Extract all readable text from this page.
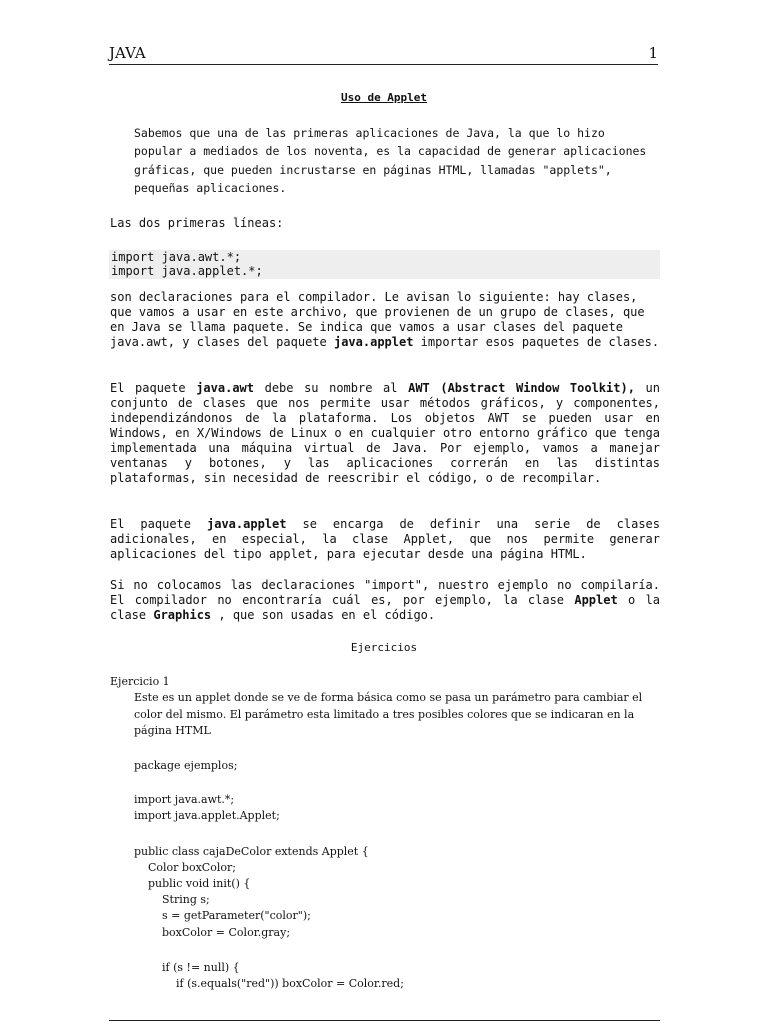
JAVA	1
Uso de Applet

Sabemos que una de las primeras aplicaciones de Java, la que lo hizo popular a mediados de los noventa, es la capacidad de generar aplicaciones gráficas, que pueden incrustarse en páginas HTML, llamadas "applets", pequeñas aplicaciones.

Las dos primeras líneas:

import java.awt.*;
import java.applet.*;

son declaraciones para el compilador. Le avisan lo siguiente: hay clases, que vamos a usar en este archivo, que provienen de un grupo de clases, que en Java se llama paquete. Se indica que vamos a usar clases del paquete java.awt, y clases del paquete java.applet importar esos paquetes de clases.

El paquete java.awt debe su nombre al AWT (Abstract Window Toolkit), un conjunto de clases que nos permite usar métodos gráficos, y componentes, independizándonos de la plataforma. Los objetos AWT se pueden usar en Windows, en X/Windows de Linux o en cualquier otro entorno gráfico que tenga implementada una máquina virtual de Java. Por ejemplo, vamos a manejar ventanas y botones, y las aplicaciones correrán en las distintas plataformas, sin necesidad de reescribir el código, o de recompilar.

El paquete java.applet se encarga de definir una serie de clases adicionales, en especial, la clase Applet, que nos permite generar aplicaciones del tipo applet, para ejecutar desde una página HTML.

Si no colocamos las declaraciones "import", nuestro ejemplo no compilaría. El compilador no encontraría cuál es, por ejemplo, la clase Applet o la clase Graphics , que son usadas en el código.

Ejercicios
Ejercicio 1

Este es un applet donde se ve de forma básica como se pasa un parámetro para cambiar el color del mismo. El parámetro esta limitado a tres posibles colores que se indicaran en la página HTML

package ejemplos;
import java.awt.*;
import java.applet.Applet;
public class cajaDeColor extends Applet {
Color boxColor;
public void init() {
String s;
s = getParameter("color");
boxColor = Color.gray;
if (s != null) {
if (s.equals("red")) boxColor = Color.red;
